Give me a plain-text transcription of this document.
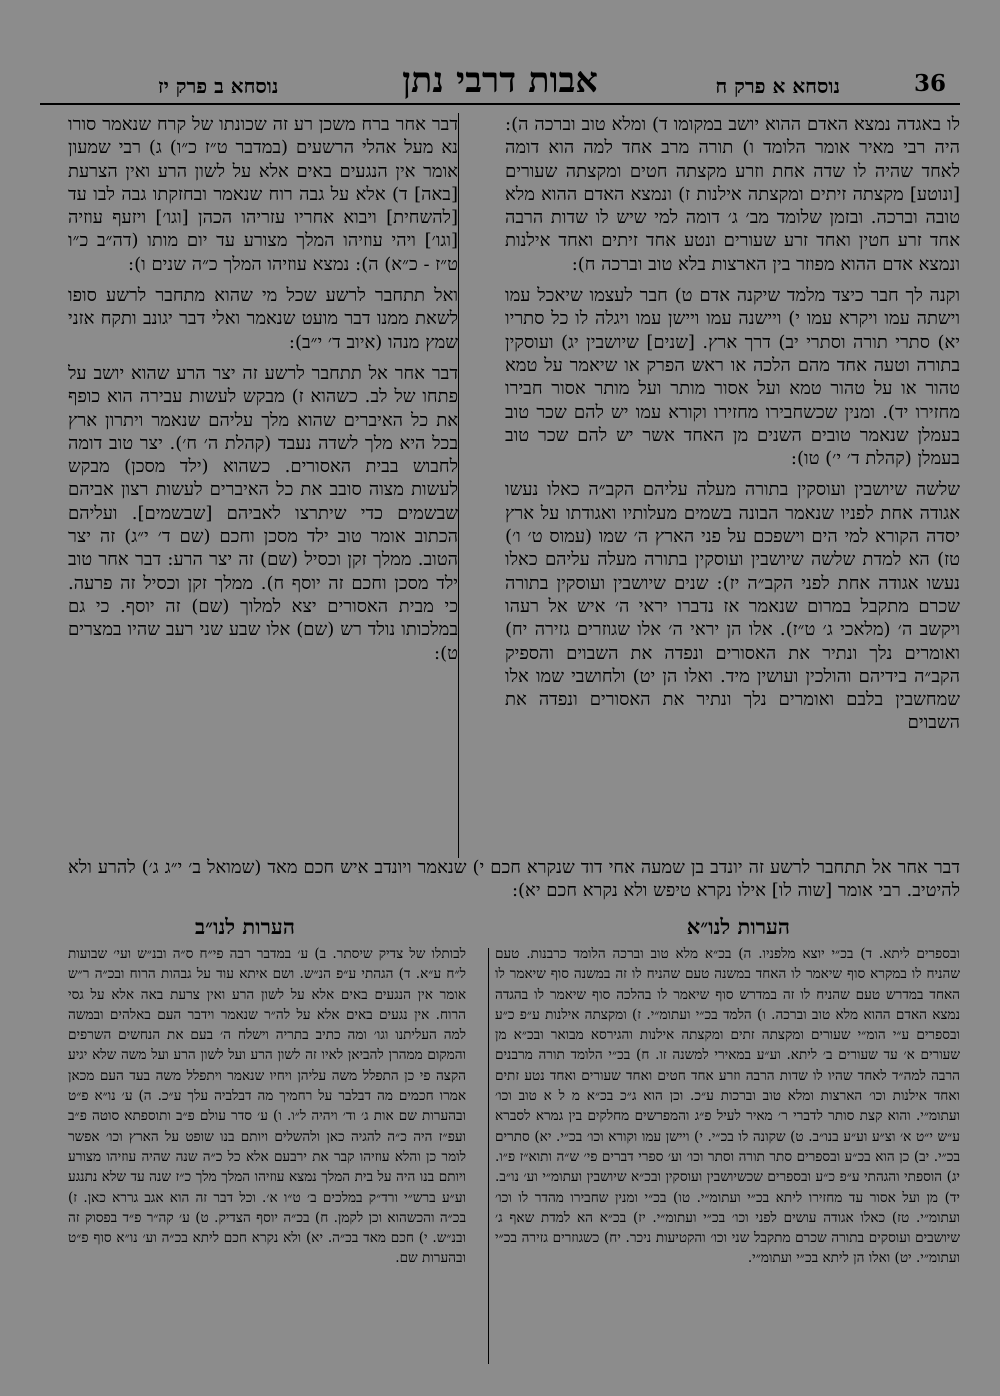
36
נוסחא א פרק ח
אבות דרבי נתן
נוסחא ב פרק יז

לו באגדה נמצא האדם ההוא יושב במקומו ד) ומלא טוב וברכה ה): היה רבי מאיר אומר הלומד ו) תורה מרב אחד למה הוא דומה לאחד שהיה לו שדה אחת וזרע מקצתה חטים ומקצתה שעורים [ונוטע] מקצתה זיתים ומקצתה אילנות ז) ונמצא האדם ההוא מלא טובה וברכה. ובזמן שלומד מב׳ ג׳ דומה למי שיש לו שדות הרבה אחד זרע חטין ואחד זרע שעורים ונטע אחד זיתים ואחד אילנות ונמצא אדם ההוא מפוזר בין הארצות בלא טוב וברכה ח):

וקנה לך חבר כיצד מלמד שיקנה אדם ט) חבר לעצמו שיאכל עמו וישתה עמו ויקרא עמו י) ויישנה עמו ויישן עמו ויגלה לו כל סתריו יא) סתרי תורה וסתרי יב) דרך ארץ. [שנים] שיושבין יג) ועוסקין בתורה וטעה אחד מהם הלכה או ראש הפרק או שיאמר על טמא טהור או על טהור טמא ועל אסור מותר ועל מותר אסור חבירו מחזירו יד). ומנין שכשחבירו מחזירו וקורא עמו יש להם שכר טוב בעמלן שנאמר טובים השנים מן האחד אשר יש להם שכר טוב בעמלן (קהלת ד׳ י׳) טו):

שלשה שיושבין ועוסקין בתורה מעלה עליהם הקב״ה כאלו נעשו אגודה אחת לפניו שנאמר הבונה בשמים מעלותיו ואגודתו על ארץ יסדה הקורא למי הים וישפכם על פני הארץ ה׳ שמו (עמוס ט׳ ו׳) טז) הא למדת שלשה שיושבין ועוסקין בתורה מעלה עליהם כאלו נעשו אגודה אחת לפני הקב״ה יז): שנים שיושבין ועוסקין בתורה שכרם מתקבל במרום שנאמר אז נדברו יראי ה׳ איש אל רעהו ויקשב ה׳ (מלאכי ג׳ ט״ז). אלו הן יראי ה׳ אלו שגוזרים גזירה יח) ואומרים נלך ונתיר את האסורים ונפדה את השבוים והספיק הקב״ה בידיהם והולכין ועושין מיד. ואלו הן יט) ולחושבי שמו אלו שמחשבין בלבם ואומרים נלך ונתיר את האסורים ונפדה את השבוים

דבר אחר ברח משכן רע זה שכונתו של קרח שנאמר סורו נא מעל אהלי הרשעים (במדבר ט״ז כ״ו) ג) רבי שמעון אומר אין הנגעים באים אלא על לשון הרע ואין הצרעת [באה] ד) אלא על גבה רוח שנאמר ובחזקתו גבה לבו עד [להשחית] ויבוא אחריו עזריהו הכהן [וגו׳] ויזעף עוזיה [וגו׳] ויהי עוזיהו המלך מצורע עד יום מותו (דה״ב כ״ו ט״ז - כ״א) ה): נמצא עוזיהו המלך כ״ה שנים ו):

ואל תתחבר לרשע שכל מי שהוא מתחבר לרשע סופו לשאת ממנו דבר מועט שנאמר ואלי דבר יגונב ותקח אזני שמץ מנהו (איוב ד׳ י״ב):

דבר אחר אל תתחבר לרשע זה יצר הרע שהוא יושב על פתחו של לב. כשהוא ז) מבקש לעשות עבירה הוא כופף את כל האיברים שהוא מלך עליהם שנאמר ויתרון ארץ בכל היא מלך לשדה נעבד (קהלת ה׳ ח׳). יצר טוב דומה לחבוש בבית האסורים. כשהוא (ילד מסכן) מבקש לעשות מצוה סובב את כל האיברים לעשות רצון אביהם שבשמים כדי שיתרצו לאביהם [שבשמים]. ועליהם הכתוב אומר טוב ילד מסכן וחכם (שם ד׳ י״ג) זה יצר הטוב. ממלך זקן וכסיל (שם) זה יצר הרע: דבר אחר טוב ילד מסכן וחכם זה יוסף ח). ממלך זקן וכסיל זה פרעה. כי מבית האסורים יצא למלוך (שם) זה יוסף. כי גם במלכותו נולד רש (שם) אלו שבע שני רעב שהיו במצרים ט):

דבר אחר אל תתחבר לרשע זה יונדב בן שמעה אחי דוד שנקרא חכם י) שנאמר ויונדב איש חכם מאד (שמואל ב׳ י״ג ג׳) להרע ולא להיטיב. רבי אומר [שוה לו] אילו נקרא טיפש ולא נקרא חכם יא):
הערות לנו״א
הערות לנו״ב

ובספרים ליתא. ד) בכ״י יוצא מלפניו. ה) בכ״א מלא טוב וברכה הלומד כרבנות. טעם שהניח לו במקרא סוף שיאמר לו האחד במשנה טעם שהניח לו זה במשנה סוף שיאמר לו האחד במדרש טעם שהניח לו זה במדרש סוף שיאמר לו בהלכה סוף שיאמר לו בהגדה נמצא האדם ההוא מלא טוב וברכה. ו) הלמד בכ״י ועתומ״י. ז) ומקצתה אילנות ע״פ כ״ע ובספרים ע״י הומ״י שעורים ומקצתה זתים ומקצתה אילנות והגירסא מבואר ובכ״א מן שעורים א׳ עד שעורים ב׳ ליתא. וע״ע במאירי למשנה זו. ח) בכ״י הלומד תורה מרבנים הרבה למה״ד לאחד שהיו לו שדות הרבה וזרע אחד חטים ואחד שעורים ואחד נטע זתים ואחד אילנות וכו׳ הארצות ומלא טוב וברכות ע״כ. וכן הוא ג״כ בכ״א מ ל א טוב וכו׳ ועתומ״י. והוא קצת סותר לדברי ר׳ מאיר לעיל פ״ג והמפרשים מחלקים בין גמרא לסברא ע״ש י״ט א׳ וצ״ע וע״ע בנו״ב. ט) שקונה לו בכ״י. י) ויישן עמו וקורא וכו׳ בכ״י. יא) סתרים בכ״י. יב) כן הוא בכ״ע ובספרים סתר תורה וסתר וכו׳ וע׳ ספרי דברים פי׳ ש״ה ותוא״ז פ״ו. יג) הוספתי והגהתי ע״פ כ״ע ובספרים שכשיושבין ועוסקין ובכ״א שיושבין ועתומ״י וע׳ נו״ב. יד) מן ועל אסור עד מחזירו ליתא בכ״י ועתומ״י. טו) בכ״י ומנין שחבירו מהדר לו וכו׳ ועתומ״י. טז) כאלו אגודה עושים לפני וכו׳ בכ״י ועתומ״י. יז) בכ״א הא למדת שאף ג׳ שיושבים ועוסקים בתורה שכרם מתקבל שני וכו׳ והקטיעות ניכר. יח) כשגוזרים גזירה בכ״י ועתומ״י. יט) ואלו הן ליתא בכ״י ועתומ״י.

לבותלו של צדיק שיסתר. ב) ע׳ במדבר רבה פי״ח ס״ה ובנ״ש ועי׳ שבועות ל״ח ע״א. ד) הגהתי ע״פ הנ״ש. ושם איתא עוד על גבהות הרוח ובכ״ה ר״ש אומר אין הנגעים באים אלא על לשון הרע ואין צרעת באה אלא על גסי הרוח. אין נגעים באים אלא על לה״ר שנאמר וידבר העם באלהים ובמשה למה העליתנו וגו׳ ומה כתיב בתריה וישלח ה׳ בעם את הנחשים השרפים והמקום ממהרן להביאן לאיו זה לשון הרע ועל לשון הרע ועל משה שלא יגיע הקצה פי כן התפלל משה עליהן ויחיו שנאמר ויתפלל משה בעד העם מכאן אמרו חכמים מה דבלבר על רחמיך מה דבלביה עלך ע״כ. ה) ע׳ נו״א פ״ט ובהערות שם אות ג׳ וד׳ ויהיה ל״ו. ו) ע׳ סדר עולם פ״ב ותוספתא סוטה פ״ב ועפ״ז היה כ״ה להגיה כאן ולהשלים ויותם בנו שופט על הארץ וכו׳ אפשר לומר כן והלא עוזיהו קבר את ירבעם אלא כל כ״ה שנה שהיה עוזיהו מצורע ויותם בנו היה על בית המלך נמצא עוזיהו המלך מלך כ״ז שנה עד שלא נתנגע וע״ע ברש״י ורד״ק במלכים ב׳ ט״ו א׳. וכל דבר זה הוא אגב גררא כאן. ז) בכ״ה והכשהוא וכן לקמן. ח) בכ״ה יוסף הצדיק. ט) ע׳ קה״ר פ״ד בפסוק זה ובנ״ש. י) חכם מאד בכ״ה. יא) ולא נקרא חכם ליתא בכ״ה וע׳ נו״א סוף פ״ט ובהערות שם.
